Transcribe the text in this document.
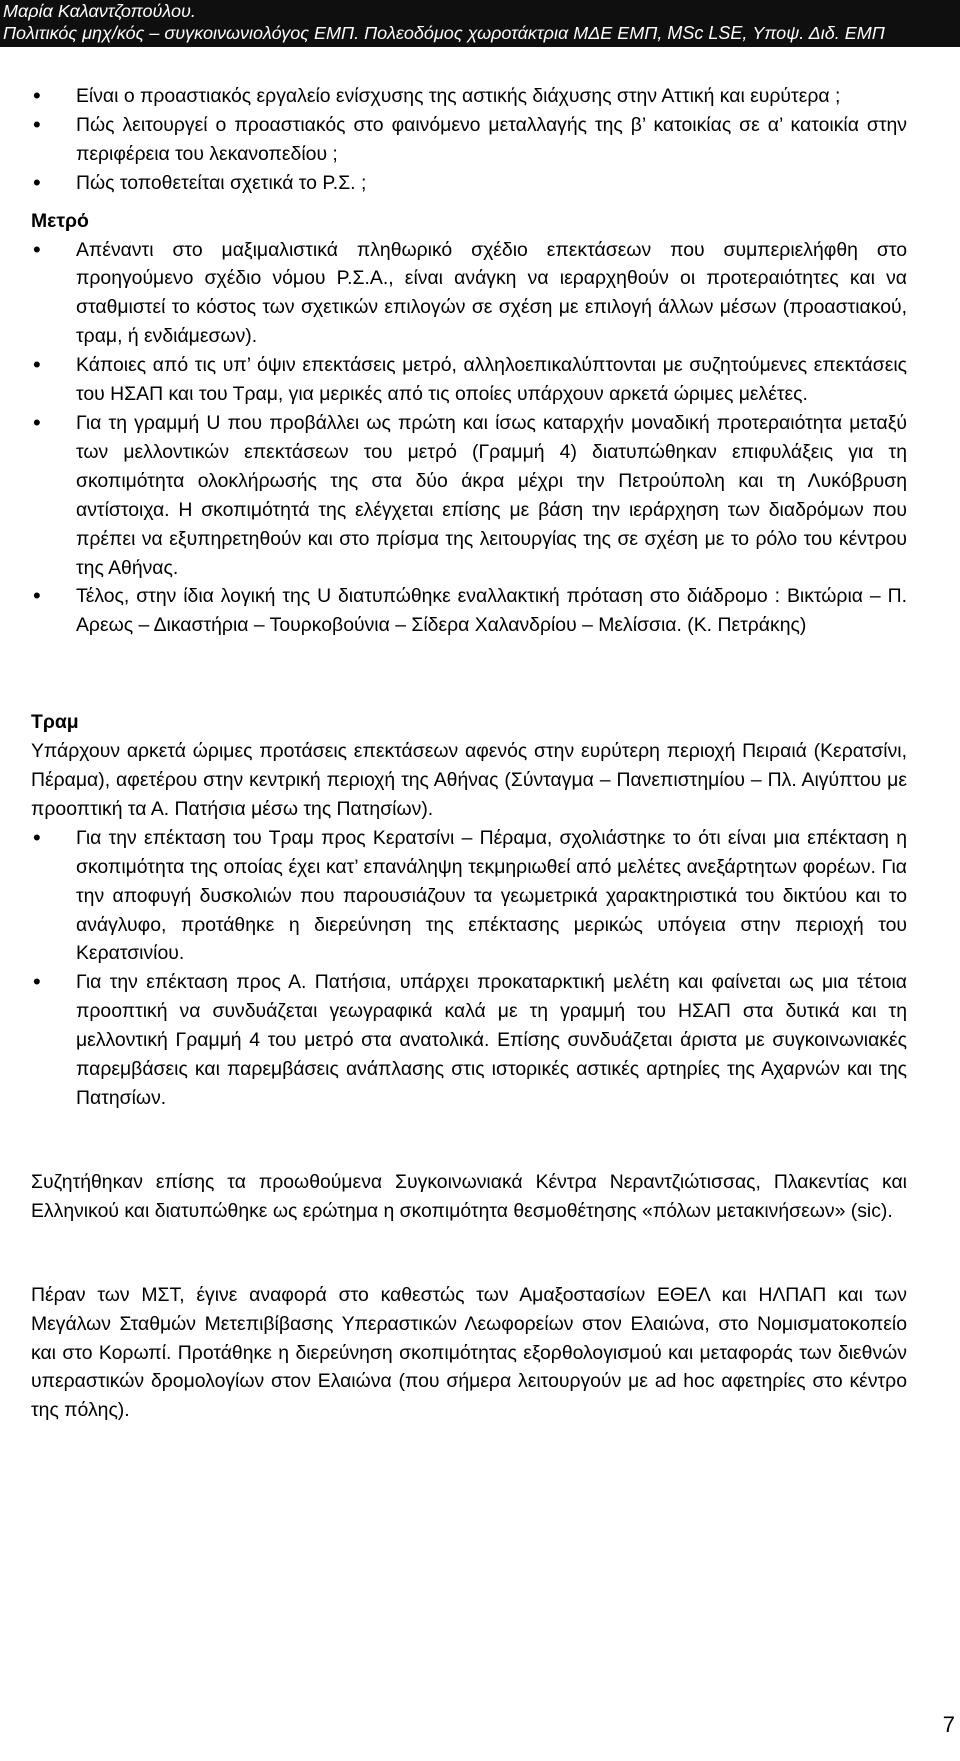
Μαρία Καλαντζοπούλου.
Πολιτικός μηχ/κός – συγκοινωνιολόγος ΕΜΠ. Πολεοδόμος χωροτάκτρια ΜΔΕ ΕΜΠ, MSc LSE, Υποψ. Διδ. ΕΜΠ
• Είναι ο προαστιακός εργαλείο ενίσχυσης της αστικής διάχυσης στην Αττική και ευρύτερα ;
• Πώς λειτουργεί ο προαστιακός στο φαινόμενο μεταλλαγής της β’ κατοικίας σε α’ κατοικία στην περιφέρεια του λεκανοπεδίου ;
• Πώς τοποθετείται σχετικά το Ρ.Σ. ;
Μετρό
• Απέναντι στο μαξιμαλιστικά πληθωρικό σχέδιο επεκτάσεων που συμπεριελήφθη στο προηγούμενο σχέδιο νόμου Ρ.Σ.Α., είναι ανάγκη να ιεραρχηθούν οι προτεραιότητες και να σταθμιστεί το κόστος των σχετικών επιλογών σε σχέση με επιλογή άλλων μέσων (προαστιακού, τραμ, ή ενδιάμεσων).
• Κάποιες από τις υπ’ όψιν επεκτάσεις μετρό, αλληλοεπικαλύπτονται με συζητούμενες επεκτάσεις του ΗΣΑΠ και του Τραμ, για μερικές από τις οποίες υπάρχουν αρκετά ώριμες μελέτες.
• Για τη γραμμή U που προβάλλει ως πρώτη και ίσως καταρχήν μοναδική προτεραιότητα μεταξύ των μελλοντικών επεκτάσεων του μετρό (Γραμμή 4) διατυπώθηκαν επιφυλάξεις για τη σκοπιμότητα ολοκλήρωσής της στα δύο άκρα μέχρι την Πετρούπολη και τη Λυκόβρυση αντίστοιχα. Η σκοπιμότητά της ελέγχεται επίσης με βάση την ιεράρχηση των διαδρόμων που πρέπει να εξυπηρετηθούν και στο πρίσμα της λειτουργίας της σε σχέση με το ρόλο του κέντρου της Αθήνας.
• Τέλος, στην ίδια λογική της U διατυπώθηκε εναλλακτική πρόταση στο διάδρομο : Βικτώρια – Π. Αρεως – Δικαστήρια – Τουρκοβούνια – Σίδερα Χαλανδρίου – Μελίσσια. (Κ. Πετράκης)
Τραμ

Υπάρχουν αρκετά ώριμες προτάσεις επεκτάσεων αφενός στην ευρύτερη περιοχή Πειραιά (Κερατσίνι, Πέραμα), αφετέρου στην κεντρική περιοχή της Αθήνας (Σύνταγμα – Πανεπιστημίου – Πλ. Αιγύπτου με προοπτική τα Α. Πατήσια μέσω της Πατησίων).

• Για την επέκταση του Τραμ προς Κερατσίνι – Πέραμα, σχολιάστηκε το ότι είναι μια επέκταση η σκοπιμότητα της οποίας έχει κατ’ επανάληψη τεκμηριωθεί από μελέτες ανεξάρτητων φορέων. Για την αποφυγή δυσκολιών που παρουσιάζουν τα γεωμετρικά χαρακτηριστικά του δικτύου και το ανάγλυφο, προτάθηκε η διερεύνηση της επέκτασης μερικώς υπόγεια στην περιοχή του Κερατσινίου.
• Για την επέκταση προς Α. Πατήσια, υπάρχει προκαταρκτική μελέτη και φαίνεται ως μια τέτοια προοπτική να συνδυάζεται γεωγραφικά καλά με τη γραμμή του ΗΣΑΠ στα δυτικά και τη μελλοντική Γραμμή 4 του μετρό στα ανατολικά. Επίσης συνδυάζεται άριστα με συγκοινωνιακές παρεμβάσεις και παρεμβάσεις ανάπλασης στις ιστορικές αστικές αρτηρίες της Αχαρνών και της Πατησίων.

Συζητήθηκαν επίσης τα προωθούμενα Συγκοινωνιακά Κέντρα Νεραντζιώτισσας, Πλακεντίας και Ελληνικού και διατυπώθηκε ως ερώτημα η σκοπιμότητα θεσμοθέτησης «πόλων μετακινήσεων» (sic).

Πέραν των ΜΣΤ, έγινε αναφορά στο καθεστώς των Αμαξοστασίων ΕΘΕΛ και ΗΛΠΑΠ και των Μεγάλων Σταθμών Μετεπιβίβασης Υπεραστικών Λεωφορείων στον Ελαιώνα, στο Νομισματοκοπείο και στο Κορωπί. Προτάθηκε η διερεύνηση σκοπιμότητας εξορθολογισμού και μεταφοράς των διεθνών υπεραστικών δρομολογίων στον Ελαιώνα (που σήμερα λειτουργούν με ad hoc αφετηρίες στο κέντρο της πόλης).

7
